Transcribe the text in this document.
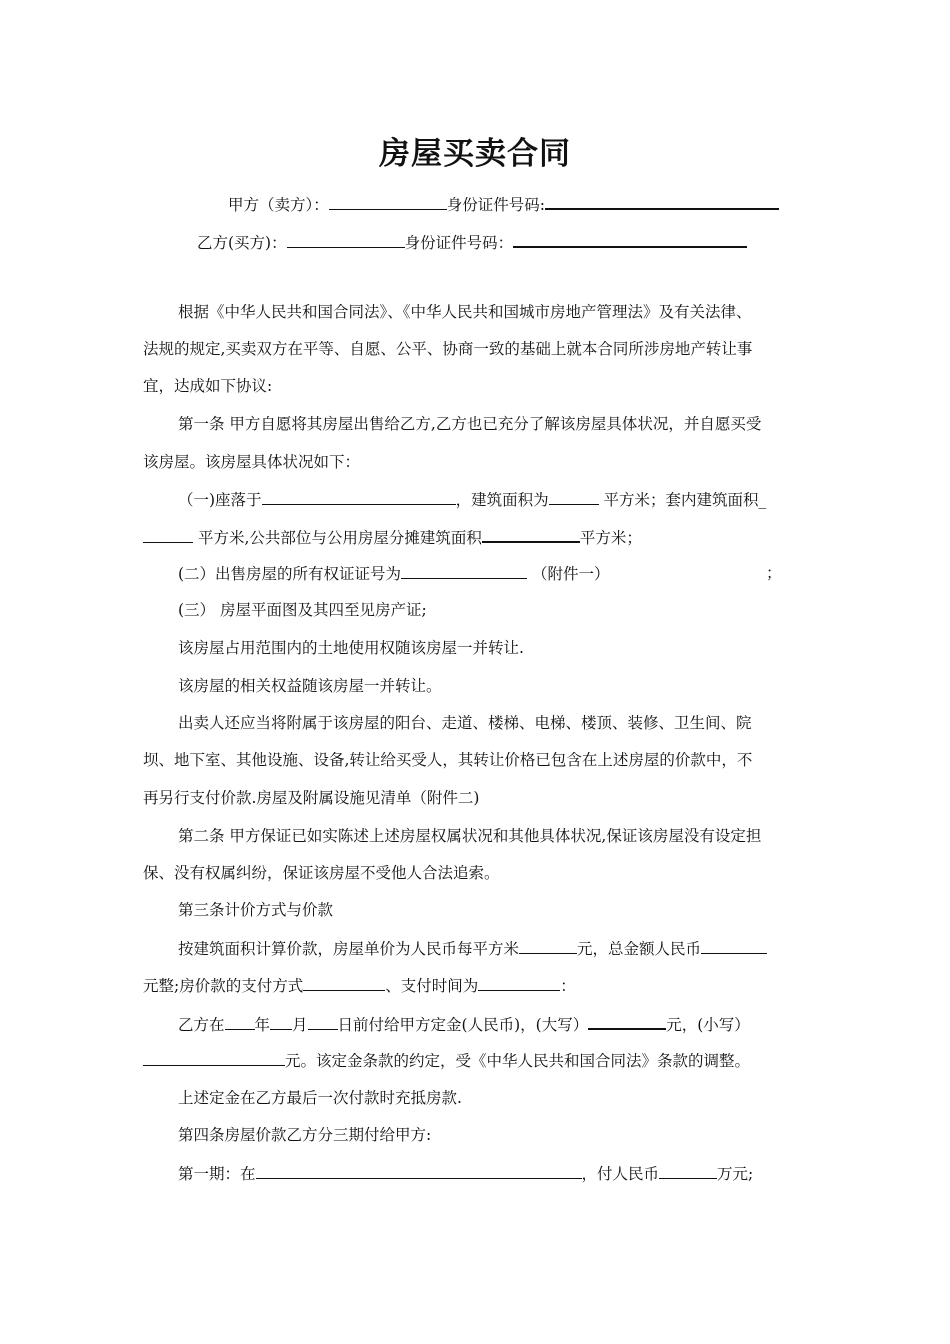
房屋买卖合同
甲方（卖方）：	身份证件号码:
乙方(买方)：	身份证件号码：
根据《中华人民共和国合同法》、《中华人民共和国城市房地产管理法》及有关法律、
法规的规定,买卖双方在平等、自愿、公平、协商一致的基础上就本合同所涉房地产转让事
宜，达成如下协议:
第一条 甲方自愿将其房屋出售给乙方,乙方也已充分了解该房屋具体状况，并自愿买受
该房屋。该房屋具体状况如下：
（一)座落于	，建筑面积为	平方米；套内建筑面积_
平方米,公共部位与公用房屋分摊建筑面积	平方米；
(二）出售房屋的所有权证证号为	（附件一）	；
(三） 房屋平面图及其四至见房产证;
该房屋占用范围内的土地使用权随该房屋一并转让.
该房屋的相关权益随该房屋一并转让。
出卖人还应当将附属于该房屋的阳台、走道、楼梯、电梯、楼顶、装修、卫生间、院
坝、地下室、其他设施、设备,转让给买受人，其转让价格已包含在上述房屋的价款中，不
再另行支付价款.房屋及附属设施见清单（附件二)
第二条 甲方保证已如实陈述上述房屋权属状况和其他具体状况,保证该房屋没有设定担
保、没有权属纠纷，保证该房屋不受他人合法追索。
第三条计价方式与价款
按建筑面积计算价款，房屋单价为人民币每平方米	元，总金额人民币
元整;房价款的支付方式	、支付时间为	：
乙方在 年 月 日前付给甲方定金(人民币)，(大写）	元，(小写）
元。该定金条款的约定，受《中华人民共和国合同法》条款的调整。
上述定金在乙方最后一次付款时充抵房款.
第四条房屋价款乙方分三期付给甲方:
第一期：在	，付人民币	万元;
